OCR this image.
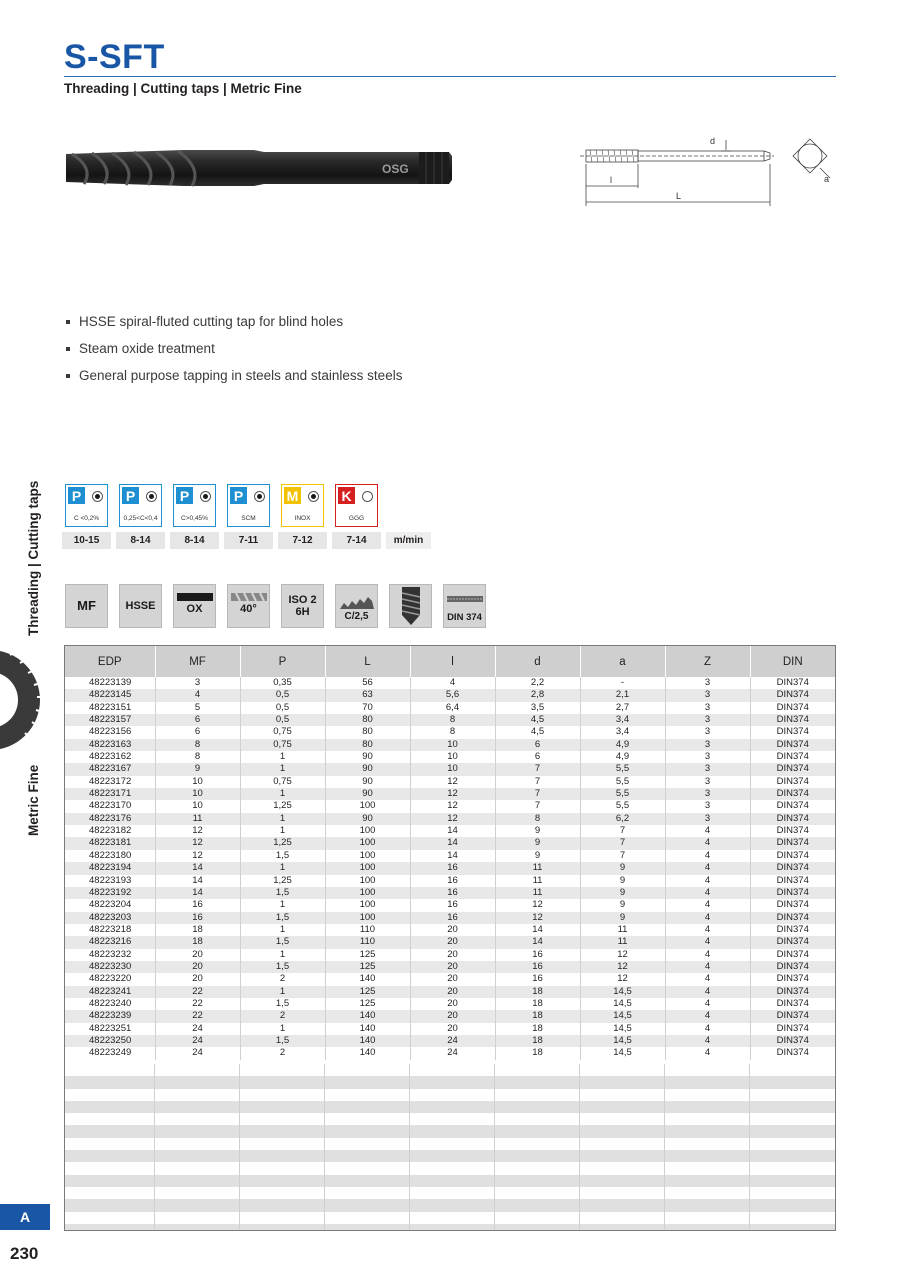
S-SFT
Threading | Cutting taps | Metric Fine
OSG
d
l
L
a
HSSE spiral-fluted cutting tap for blind holes
Steam oxide treatment
General purpose tapping in steels and stainless steels
Threading | Cutting taps
Metric Fine
P
C <0,2%
P
0,25<C<0,4
P
C>0,45%
P
SCM
M
INOX
K
GGG
10-15	8-14	8-14	7-11	7-12	7-14	m/min
MF	HSSE	OX	40°
ISO 2
6H	C/2,5	DIN 374
EDP	MF	P	L	l	d	a	Z	DIN
48223139	3	0,35	56	4	2,2	-	3	DIN374
48223145	4	0,5	63	5,6	2,8	2,1	3	DIN374
48223151	5	0,5	70	6,4	3,5	2,7	3	DIN374
48223157	6	0,5	80	8	4,5	3,4	3	DIN374
48223156	6	0,75	80	8	4,5	3,4	3	DIN374
48223163	8	0,75	80	10	6	4,9	3	DIN374
48223162	8	1	90	10	6	4,9	3	DIN374
48223167	9	1	90	10	7	5,5	3	DIN374
48223172	10	0,75	90	12	7	5,5	3	DIN374
48223171	10	1	90	12	7	5,5	3	DIN374
48223170	10	1,25	100	12	7	5,5	3	DIN374
48223176	11	1	90	12	8	6,2	3	DIN374
48223182	12	1	100	14	9	7	4	DIN374
48223181	12	1,25	100	14	9	7	4	DIN374
48223180	12	1,5	100	14	9	7	4	DIN374
48223194	14	1	100	16	11	9	4	DIN374
48223193	14	1,25	100	16	11	9	4	DIN374
48223192	14	1,5	100	16	11	9	4	DIN374
48223204	16	1	100	16	12	9	4	DIN374
48223203	16	1,5	100	16	12	9	4	DIN374
48223218	18	1	110	20	14	11	4	DIN374
48223216	18	1,5	110	20	14	11	4	DIN374
48223232	20	1	125	20	16	12	4	DIN374
48223230	20	1,5	125	20	16	12	4	DIN374
48223220	20	2	140	20	16	12	4	DIN374
48223241	22	1	125	20	18	14,5	4	DIN374
48223240	22	1,5	125	20	18	14,5	4	DIN374
48223239	22	2	140	20	18	14,5	4	DIN374
48223251	24	1	140	20	18	14,5	4	DIN374
48223250	24	1,5	140	24	18	14,5	4	DIN374
48223249	24	2	140	24	18	14,5	4	DIN374
A
230
